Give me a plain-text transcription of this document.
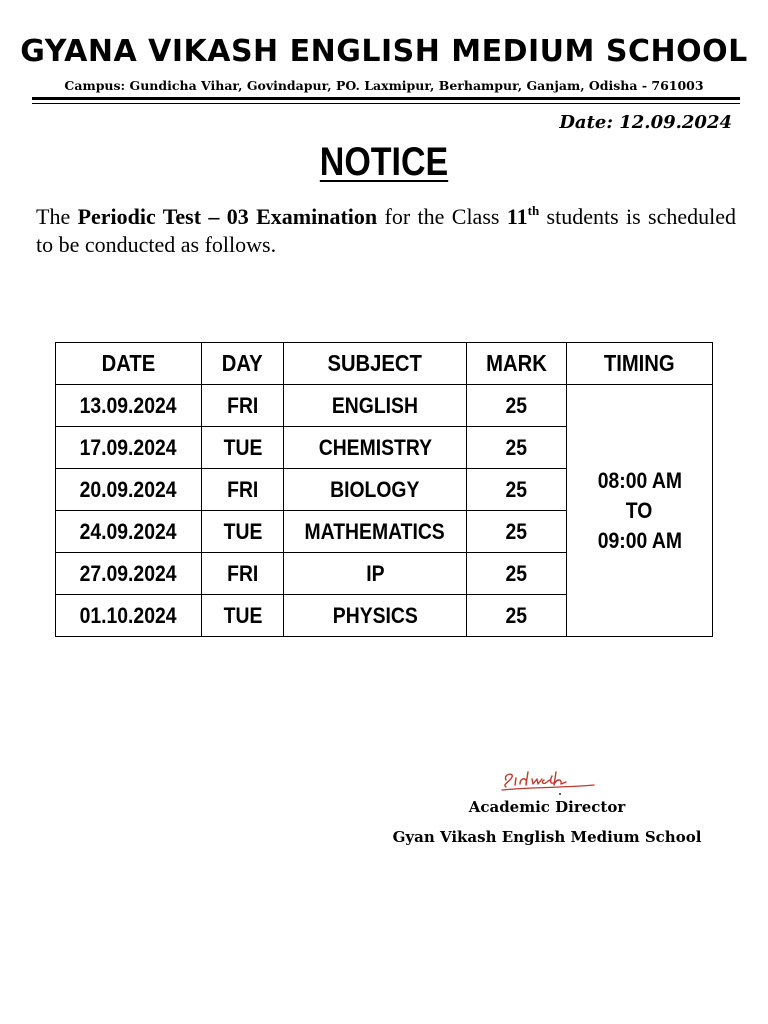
GYANA VIKASH ENGLISH MEDIUM SCHOOL
Campus: Gundicha Vihar, Govindapur, PO. Laxmipur, Berhampur, Ganjam, Odisha - 761003
Date: 12.09.2024
NOTICE
The Periodic Test – 03 Examination for the Class 11th students is scheduled to be conducted as follows.
DATE	DAY	SUBJECT	MARK	TIMING
13.09.2024	FRI	ENGLISH	25	08:00 AM
TO
09:00 AM
17.09.2024	TUE	CHEMISTRY	25	
20.09.2024	FRI	BIOLOGY	25	
24.09.2024	TUE	MATHEMATICS	25	
27.09.2024	FRI	IP	25	
01.10.2024	TUE	PHYSICS	25	
Academic Director
Gyan Vikash English Medium School
